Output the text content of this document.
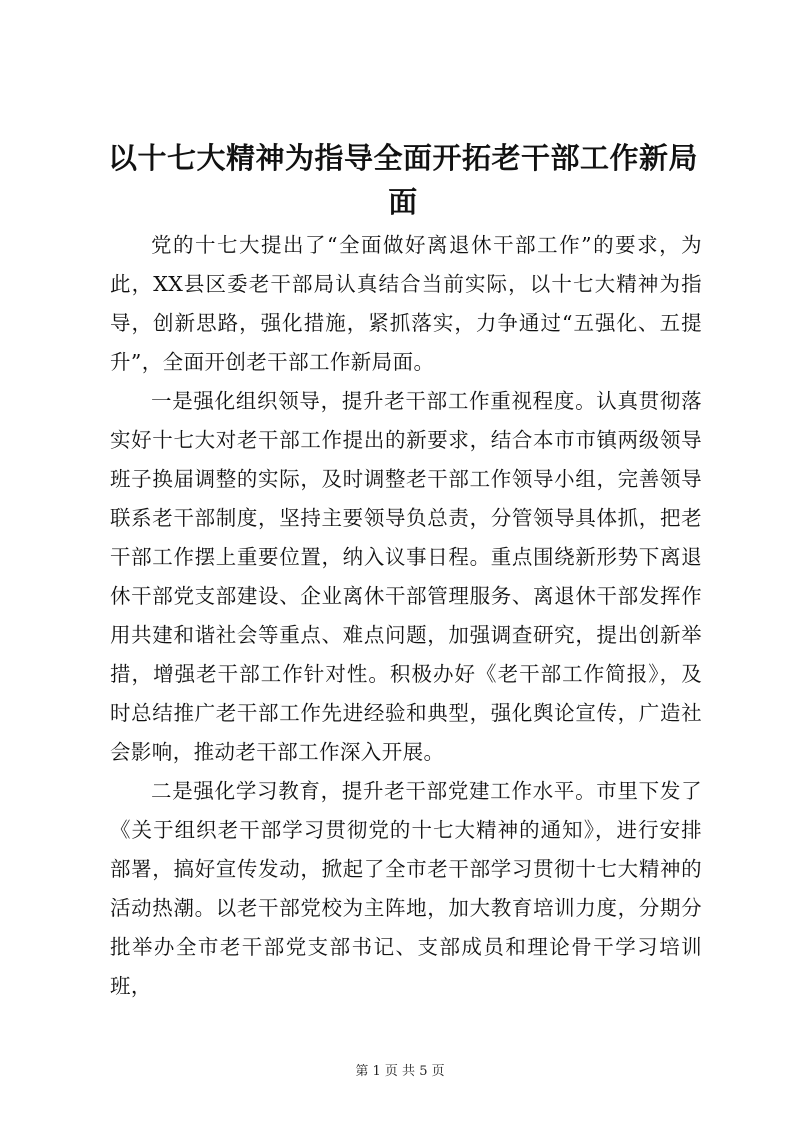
以十七大精神为指导全面开拓老干部工作新局面

党的十七大提出了“全面做好离退休干部工作”的要求，为此，XX县区委老干部局认真结合当前实际，以十七大精神为指导，创新思路，强化措施，紧抓落实，力争通过“五强化、五提升”，全面开创老干部工作新局面。

一是强化组织领导，提升老干部工作重视程度。认真贯彻落实好十七大对老干部工作提出的新要求，结合本市市镇两级领导班子换届调整的实际，及时调整老干部工作领导小组，完善领导联系老干部制度，坚持主要领导负总责，分管领导具体抓，把老干部工作摆上重要位置，纳入议事日程。重点围绕新形势下离退休干部党支部建设、企业离休干部管理服务、离退休干部发挥作用共建和谐社会等重点、难点问题，加强调查研究，提出创新举措，增强老干部工作针对性。积极办好《老干部工作简报》，及时总结推广老干部工作先进经验和典型，强化舆论宣传，广造社会影响，推动老干部工作深入开展。

二是强化学习教育，提升老干部党建工作水平。市里下发了《关于组织老干部学习贯彻党的十七大精神的通知》，进行安排部署，搞好宣传发动，掀起了全市老干部学习贯彻十七大精神的活动热潮。以老干部党校为主阵地，加大教育培训力度，分期分批举办全市老干部党支部书记、支部成员和理论骨干学习培训班，

第 1 页 共 5 页
